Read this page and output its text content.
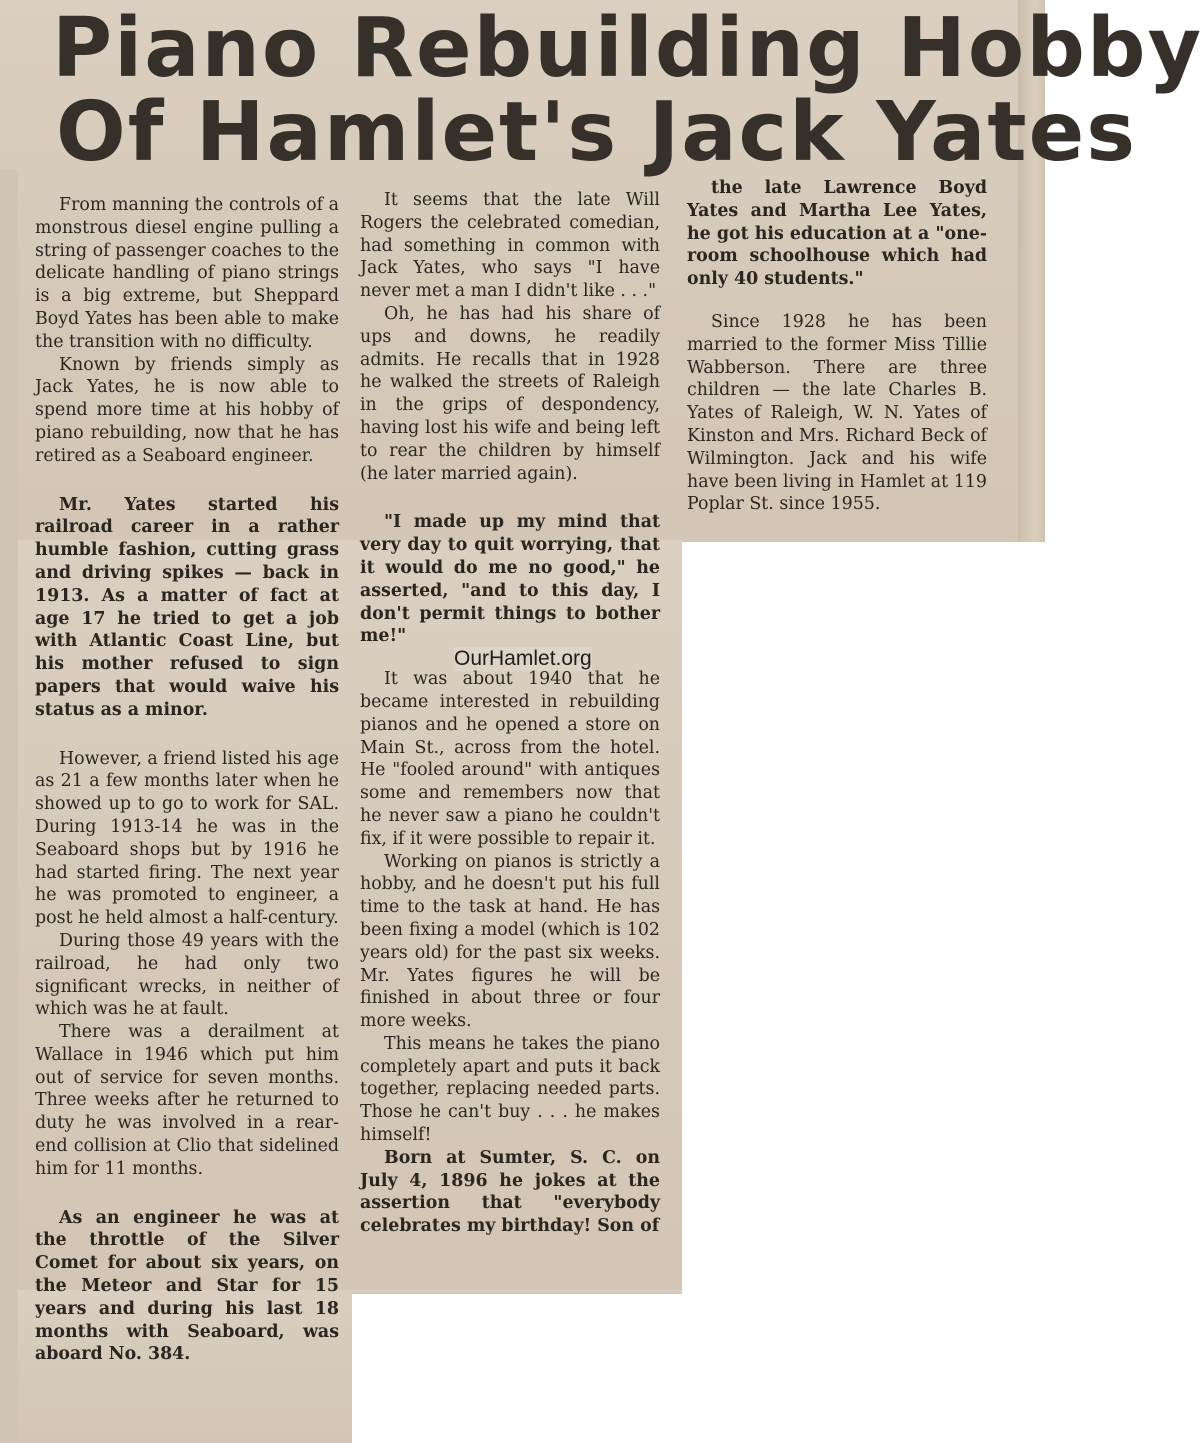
Piano Rebuilding Hobby
Of Hamlet's Jack Yates

From manning the controls of a monstrous diesel engine pulling a string of passenger coaches to the delicate handling of piano strings is a big extreme, but Sheppard Boyd Yates has been able to make the transition with no difficulty.

Known by friends simply as Jack Yates, he is now able to spend more time at his hobby of piano rebuilding, now that he has retired as a Seaboard engineer.

Mr. Yates started his railroad career in a rather humble fashion, cutting grass and driving spikes — back in 1913. As a matter of fact at age 17 he tried to get a job with Atlantic Coast Line, but his mother refused to sign papers that would waive his status as a minor.

However, a friend listed his age as 21 a few months later when he showed up to go to work for SAL. During 1913-14 he was in the Seaboard shops but by 1916 he had started firing. The next year he was promoted to engineer, a post he held almost a half-century.

During those 49 years with the railroad, he had only two significant wrecks, in neither of which was he at fault.

There was a derailment at Wallace in 1946 which put him out of service for seven months. Three weeks after he returned to duty he was involved in a rear-end collision at Clio that sidelined him for 11 months.

As an engineer he was at the throttle of the Silver Comet for about six years, on the Meteor and Star for 15 years and during his last 18 months with Seaboard, was aboard No. 384.

It seems that the late Will Rogers the celebrated comedian, had something in common with Jack Yates, who says "I have never met a man I didn't like . . ."

Oh, he has had his share of ups and downs, he readily admits. He recalls that in 1928 he walked the streets of Raleigh in the grips of despondency, having lost his wife and being left to rear the children by himself (he later married again).

"I made up my mind that very day to quit worrying, that it would do me no good," he asserted, "and to this day, I don't permit things to bother me!"

It was about 1940 that he became interested in rebuilding pianos and he opened a store on Main St., across from the hotel. He "fooled around" with antiques some and remembers now that he never saw a piano he couldn't fix, if it were possible to repair it.

Working on pianos is strictly a hobby, and he doesn't put his full time to the task at hand. He has been fixing a model (which is 102 years old) for the past six weeks. Mr. Yates figures he will be finished in about three or four more weeks.

This means he takes the piano completely apart and puts it back together, replacing needed parts. Those he can't buy . . . he makes himself!

Born at Sumter, S. C. on July 4, 1896 he jokes at the assertion that "everybody celebrates my birthday! Son of

the late Lawrence Boyd Yates and Martha Lee Yates, he got his education at a "one-room schoolhouse which had only 40 students."

Since 1928 he has been married to the former Miss Tillie Wabberson. There are three children — the late Charles B. Yates of Raleigh, W. N. Yates of Kinston and Mrs. Richard Beck of Wilmington. Jack and his wife have been living in Hamlet at 119 Poplar St. since 1955.

OurHamlet.org
